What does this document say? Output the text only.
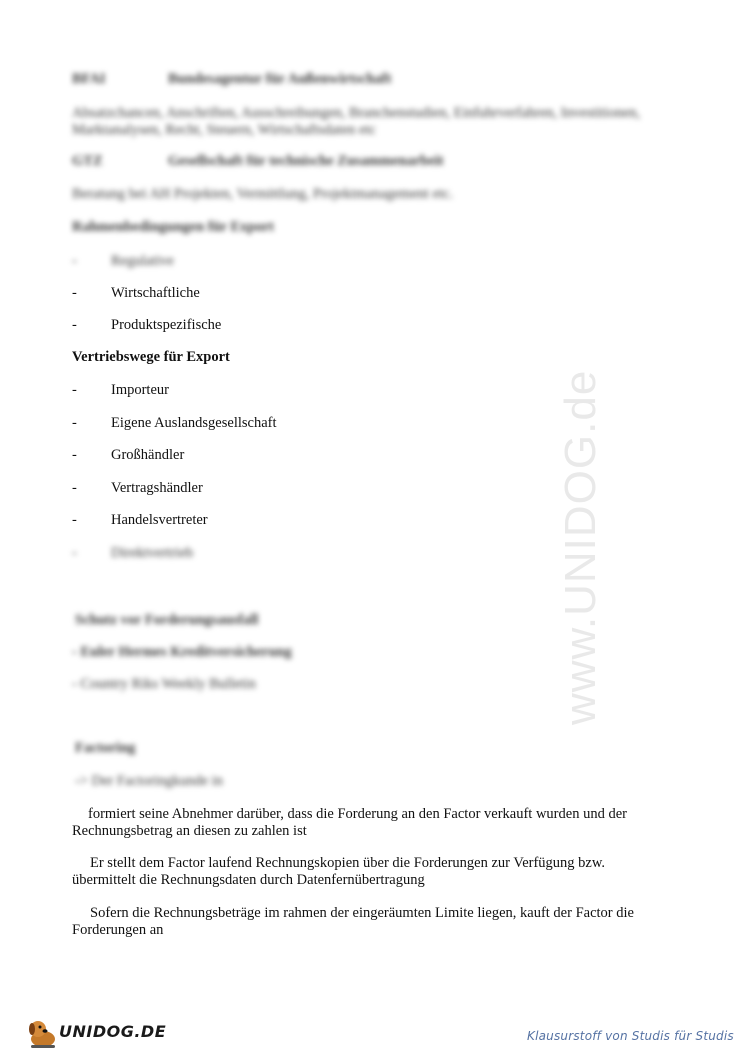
www.UNIDOG.de
BFAI	Bundesagentur für Außenwirtschaft
Absatzchancen, Anschriften, Ausschreibungen, Branchenstudien, Einfuhrverfahren, Investitionen, Marktanalysen, Recht, Steuern, Wirtschaftsdaten etc
GTZ	Gesellschaft für technische Zusammenarbeit
Beratung bei AH Projekten, Vermittlung, Projektmanagement etc.
Rahmenbedingungen für Export
- Regulative
- Wirtschaftliche
- Produktspezifische
Vertriebswege für Export
- Importeur
- Eigene Auslandsgesellschaft
- Großhändler
- Vertragshändler
- Handelsvertreter
- Direktvertrieb
Schutz vor Forderungsausfall
- Euler Hermes Kreditversicherung
- Country Riks Weekly Bulletin
Factoring
-> Der Factoringkunde in
formiert seine Abnehmer darüber, dass die Forderung an den Factor verkauft wurden und der Rechnungsbetrag an diesen zu zahlen ist
Er stellt dem Factor laufend Rechnungskopien über die Forderungen zur Verfügung bzw. übermittelt die Rechnungsdaten durch Datenfernübertragung
Sofern die Rechnungsbeträge im rahmen der eingeräumten Limite liegen, kauft der Factor die Forderungen an
UNIDOG.DE	Klausurstoff von Studis für Studis
